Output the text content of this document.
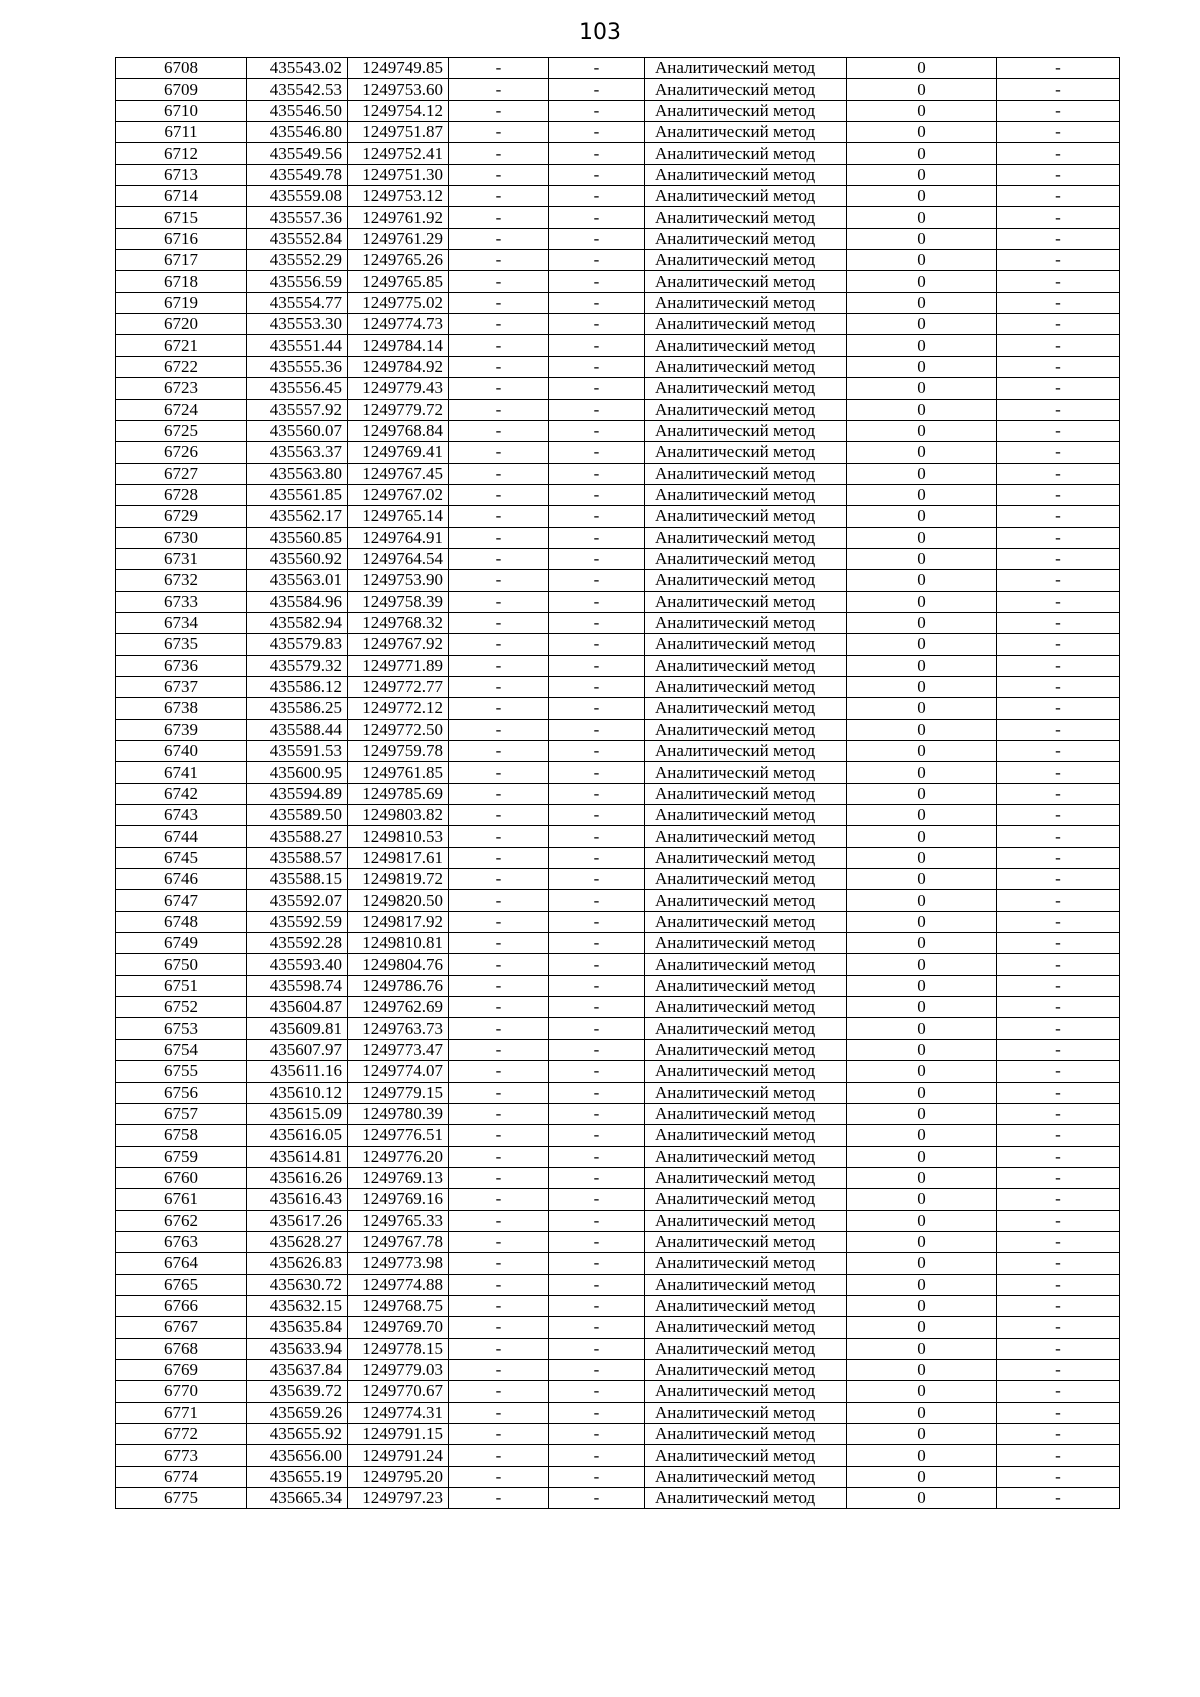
103
6708	435543.02	1249749.85	-	-	Аналитический метод	0	-
6709	435542.53	1249753.60	-	-	Аналитический метод	0	-
6710	435546.50	1249754.12	-	-	Аналитический метод	0	-
6711	435546.80	1249751.87	-	-	Аналитический метод	0	-
6712	435549.56	1249752.41	-	-	Аналитический метод	0	-
6713	435549.78	1249751.30	-	-	Аналитический метод	0	-
6714	435559.08	1249753.12	-	-	Аналитический метод	0	-
6715	435557.36	1249761.92	-	-	Аналитический метод	0	-
6716	435552.84	1249761.29	-	-	Аналитический метод	0	-
6717	435552.29	1249765.26	-	-	Аналитический метод	0	-
6718	435556.59	1249765.85	-	-	Аналитический метод	0	-
6719	435554.77	1249775.02	-	-	Аналитический метод	0	-
6720	435553.30	1249774.73	-	-	Аналитический метод	0	-
6721	435551.44	1249784.14	-	-	Аналитический метод	0	-
6722	435555.36	1249784.92	-	-	Аналитический метод	0	-
6723	435556.45	1249779.43	-	-	Аналитический метод	0	-
6724	435557.92	1249779.72	-	-	Аналитический метод	0	-
6725	435560.07	1249768.84	-	-	Аналитический метод	0	-
6726	435563.37	1249769.41	-	-	Аналитический метод	0	-
6727	435563.80	1249767.45	-	-	Аналитический метод	0	-
6728	435561.85	1249767.02	-	-	Аналитический метод	0	-
6729	435562.17	1249765.14	-	-	Аналитический метод	0	-
6730	435560.85	1249764.91	-	-	Аналитический метод	0	-
6731	435560.92	1249764.54	-	-	Аналитический метод	0	-
6732	435563.01	1249753.90	-	-	Аналитический метод	0	-
6733	435584.96	1249758.39	-	-	Аналитический метод	0	-
6734	435582.94	1249768.32	-	-	Аналитический метод	0	-
6735	435579.83	1249767.92	-	-	Аналитический метод	0	-
6736	435579.32	1249771.89	-	-	Аналитический метод	0	-
6737	435586.12	1249772.77	-	-	Аналитический метод	0	-
6738	435586.25	1249772.12	-	-	Аналитический метод	0	-
6739	435588.44	1249772.50	-	-	Аналитический метод	0	-
6740	435591.53	1249759.78	-	-	Аналитический метод	0	-
6741	435600.95	1249761.85	-	-	Аналитический метод	0	-
6742	435594.89	1249785.69	-	-	Аналитический метод	0	-
6743	435589.50	1249803.82	-	-	Аналитический метод	0	-
6744	435588.27	1249810.53	-	-	Аналитический метод	0	-
6745	435588.57	1249817.61	-	-	Аналитический метод	0	-
6746	435588.15	1249819.72	-	-	Аналитический метод	0	-
6747	435592.07	1249820.50	-	-	Аналитический метод	0	-
6748	435592.59	1249817.92	-	-	Аналитический метод	0	-
6749	435592.28	1249810.81	-	-	Аналитический метод	0	-
6750	435593.40	1249804.76	-	-	Аналитический метод	0	-
6751	435598.74	1249786.76	-	-	Аналитический метод	0	-
6752	435604.87	1249762.69	-	-	Аналитический метод	0	-
6753	435609.81	1249763.73	-	-	Аналитический метод	0	-
6754	435607.97	1249773.47	-	-	Аналитический метод	0	-
6755	435611.16	1249774.07	-	-	Аналитический метод	0	-
6756	435610.12	1249779.15	-	-	Аналитический метод	0	-
6757	435615.09	1249780.39	-	-	Аналитический метод	0	-
6758	435616.05	1249776.51	-	-	Аналитический метод	0	-
6759	435614.81	1249776.20	-	-	Аналитический метод	0	-
6760	435616.26	1249769.13	-	-	Аналитический метод	0	-
6761	435616.43	1249769.16	-	-	Аналитический метод	0	-
6762	435617.26	1249765.33	-	-	Аналитический метод	0	-
6763	435628.27	1249767.78	-	-	Аналитический метод	0	-
6764	435626.83	1249773.98	-	-	Аналитический метод	0	-
6765	435630.72	1249774.88	-	-	Аналитический метод	0	-
6766	435632.15	1249768.75	-	-	Аналитический метод	0	-
6767	435635.84	1249769.70	-	-	Аналитический метод	0	-
6768	435633.94	1249778.15	-	-	Аналитический метод	0	-
6769	435637.84	1249779.03	-	-	Аналитический метод	0	-
6770	435639.72	1249770.67	-	-	Аналитический метод	0	-
6771	435659.26	1249774.31	-	-	Аналитический метод	0	-
6772	435655.92	1249791.15	-	-	Аналитический метод	0	-
6773	435656.00	1249791.24	-	-	Аналитический метод	0	-
6774	435655.19	1249795.20	-	-	Аналитический метод	0	-
6775	435665.34	1249797.23	-	-	Аналитический метод	0	-
